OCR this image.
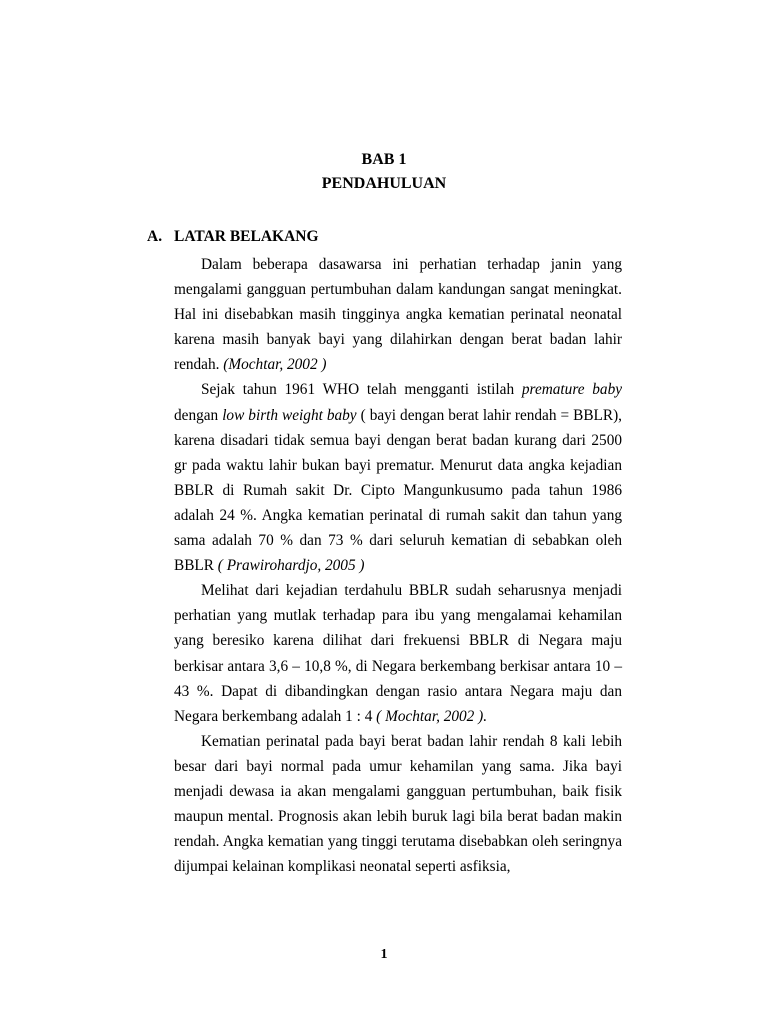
BAB 1
PENDAHULUAN
A. LATAR BELAKANG

Dalam beberapa dasawarsa ini perhatian terhadap janin yang mengalami gangguan pertumbuhan dalam kandungan sangat meningkat. Hal ini disebabkan masih tingginya angka kematian perinatal neonatal karena masih banyak bayi yang dilahirkan dengan berat badan lahir rendah. (Mochtar, 2002 )

Sejak tahun 1961 WHO telah mengganti istilah premature baby dengan low birth weight baby ( bayi dengan berat lahir rendah = BBLR), karena disadari tidak semua bayi dengan berat badan kurang dari 2500 gr pada waktu lahir bukan bayi prematur. Menurut data angka kejadian BBLR di Rumah sakit Dr. Cipto Mangunkusumo pada tahun 1986 adalah 24 %. Angka kematian perinatal di rumah sakit dan tahun yang sama adalah 70 % dan 73 % dari seluruh kematian di sebabkan oleh BBLR ( Prawirohardjo, 2005 )

Melihat dari kejadian terdahulu BBLR sudah seharusnya menjadi perhatian yang mutlak terhadap para ibu yang mengalamai kehamilan yang beresiko karena dilihat dari frekuensi BBLR di Negara maju berkisar antara 3,6 – 10,8 %, di Negara berkembang berkisar antara 10 – 43 %. Dapat di dibandingkan dengan rasio antara Negara maju dan Negara berkembang adalah 1 : 4 ( Mochtar, 2002 ).

Kematian perinatal pada bayi berat badan lahir rendah 8 kali lebih besar dari bayi normal pada umur kehamilan yang sama. Jika bayi menjadi dewasa ia akan mengalami gangguan pertumbuhan, baik fisik maupun mental. Prognosis akan lebih buruk lagi bila berat badan makin rendah. Angka kematian yang tinggi terutama disebabkan oleh seringnya dijumpai kelainan komplikasi neonatal seperti asfiksia,

1
